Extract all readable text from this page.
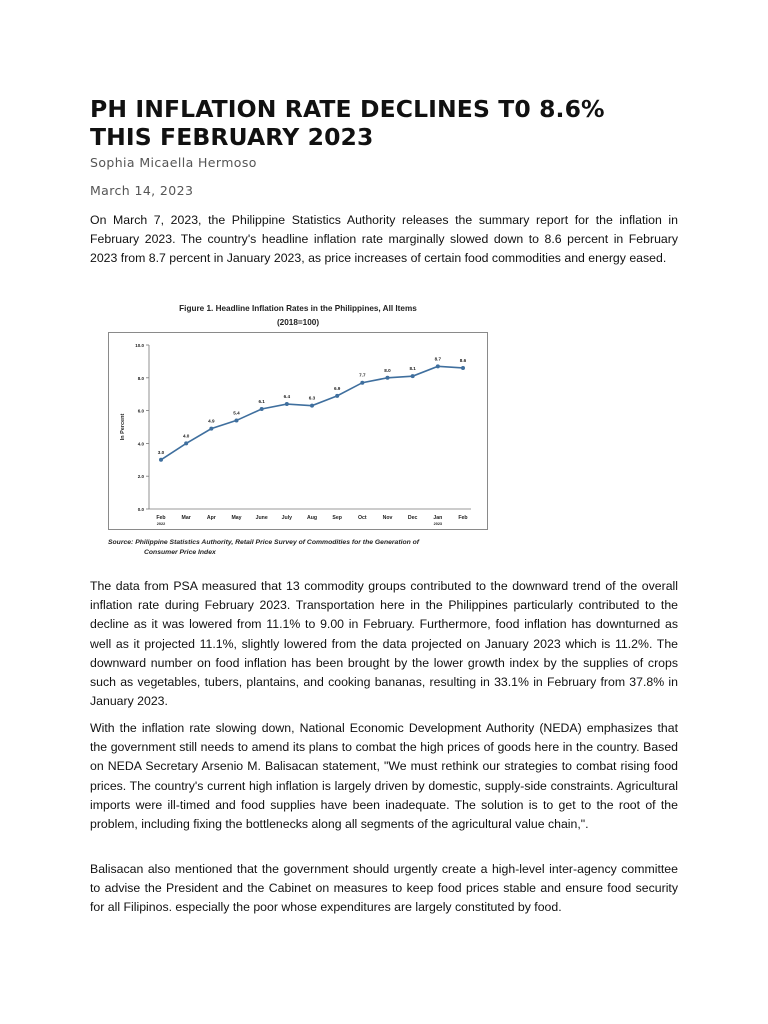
PH INFLATION RATE DECLINES T0 8.6%
THIS FEBRUARY 2023
Sophia Micaella Hermoso
March 14, 2023

On March 7, 2023, the Philippine Statistics Authority releases the summary report for the inflation in February 2023. The country's headline inflation rate marginally slowed down to 8.6 percent in February 2023 from 8.7 percent in January 2023, as price increases of certain food commodities and energy eased.

Figure 1. Headline Inflation Rates in the Philippines, All Items
(2018=100)
0.0
2.0
4.0
6.0
8.0
10.0
In Percent
3.0
Feb
2022
4.0
Mar
4.9
Apr
5.4
May
6.1
June
6.4
July
6.3
Aug
6.9
Sep
7.7
Oct
8.0
Nov
8.1
Dec
8.7
Jan
2023
8.6
Feb
Source: Philippine Statistics Authority, Retail Price Survey of Commodities for the Generation of
Consumer Price Index

The data from PSA measured that 13 commodity groups contributed to the downward trend of the overall inflation rate during February 2023. Transportation here in the Philippines particularly contributed to the decline as it was lowered from 11.1% to 9.00 in February. Furthermore, food inflation has downturned as well as it projected 11.1%, slightly lowered from the data projected on January 2023 which is 11.2%. The downward number on food inflation has been brought by the lower growth index by the supplies of crops such as vegetables, tubers, plantains, and cooking bananas, resulting in 33.1% in February from 37.8% in January 2023.

With the inflation rate slowing down, National Economic Development Authority (NEDA) emphasizes that the government still needs to amend its plans to combat the high prices of goods here in the country. Based on NEDA Secretary Arsenio M. Balisacan statement, "We must rethink our strategies to combat rising food prices. The country's current high inflation is largely driven by domestic, supply-side constraints. Agricultural imports were ill-timed and food supplies have been inadequate. The solution is to get to the root of the problem, including fixing the bottlenecks along all segments of the agricultural value chain,".

Balisacan also mentioned that the government should urgently create a high-level inter-agency committee to advise the President and the Cabinet on measures to keep food prices stable and ensure food security for all Filipinos. especially the poor whose expenditures are largely constituted by food.
